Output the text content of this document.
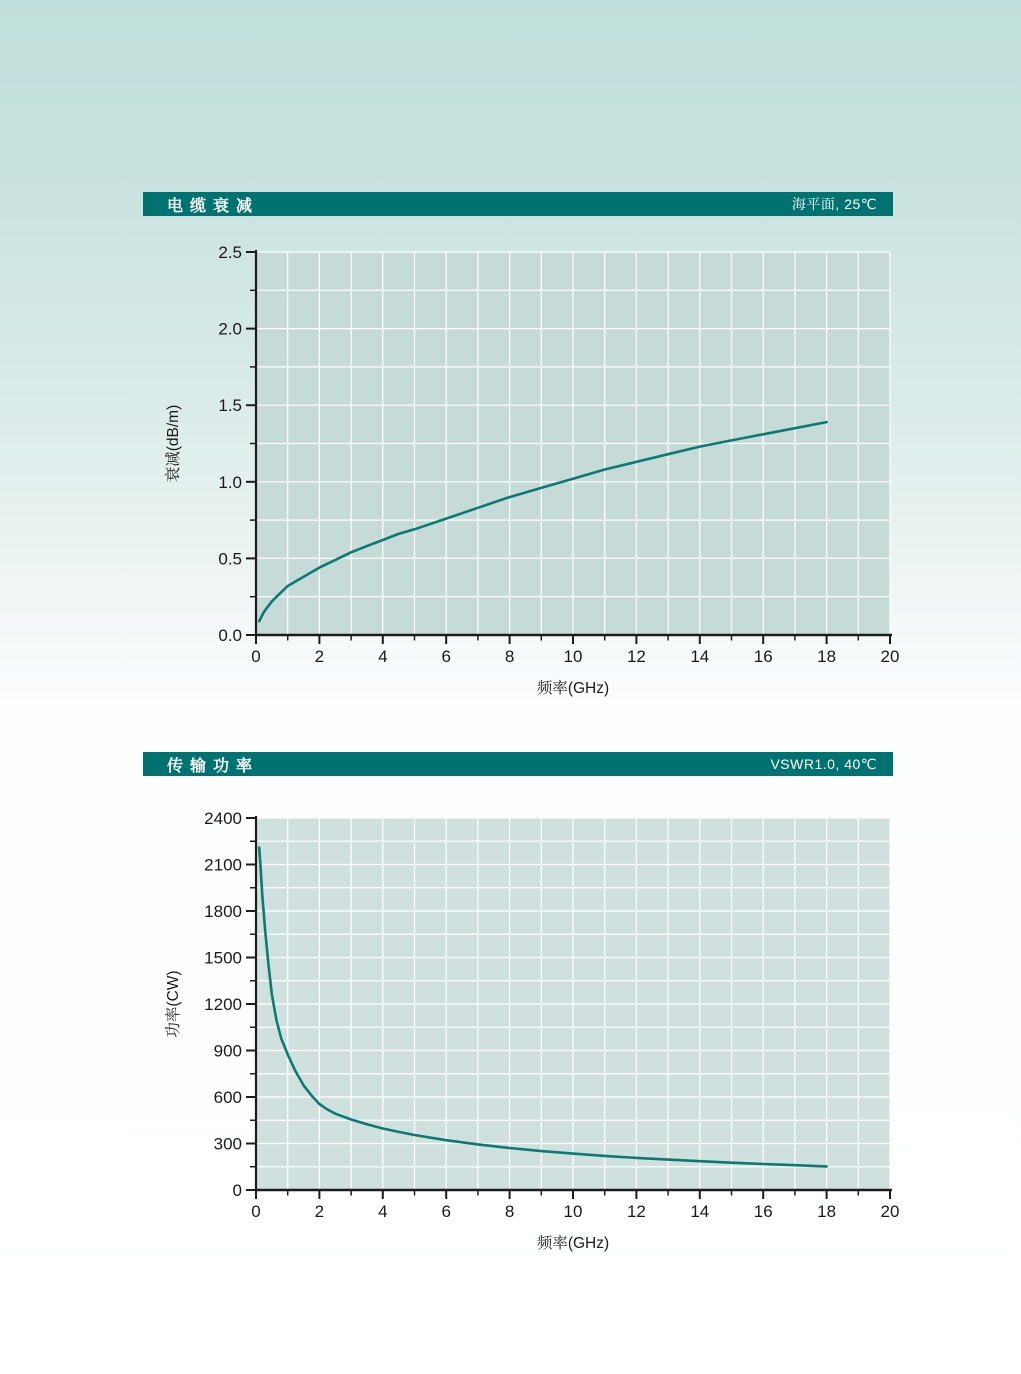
电缆衰减	海平面, 25℃
0	2	4	6	8	10	12	14	16	18	20
0.0
0.5
1.0
1.5
2.0
2.5
频率(GHz)
衰减(dB/m)
传输功率	VSWR1.0, 40℃
0	2	4	6	8	10	12	14	16	18	20
0
300
600
900
1200
1500
1800
2100
2400
频率(GHz)
功率(CW)
